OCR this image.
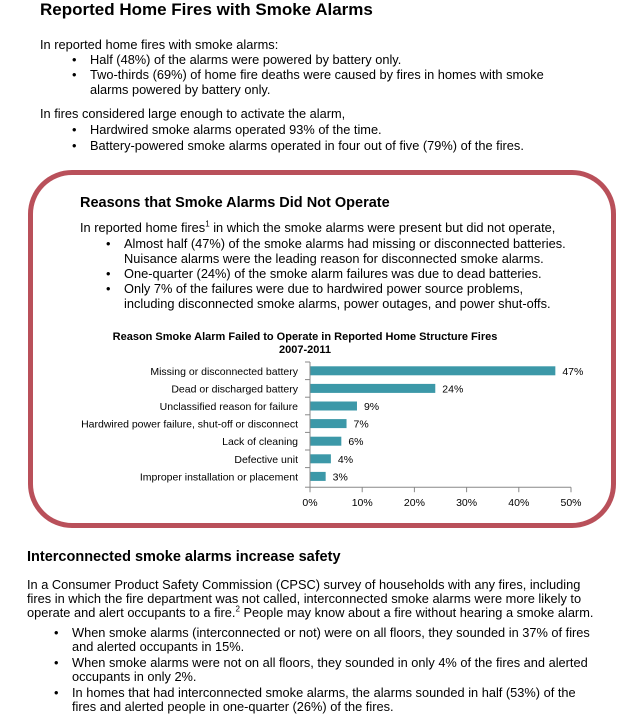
Reported Home Fires with Smoke Alarms
In reported home fires with smoke alarms:
• Half (48%) of the alarms were powered by battery only.
• Two-thirds (69%) of home fire deaths were caused by fires in homes with smoke
alarms powered by battery only.
In fires considered large enough to activate the alarm,
• Hardwired smoke alarms operated 93% of the time.
• Battery-powered smoke alarms operated in four out of five (79%) of the fires.
Reasons that Smoke Alarms Did Not Operate
In reported home fires$^1$ in which the smoke alarms were present but did not operate,
• Almost half (47%) of the smoke alarms had missing or disconnected batteries.
Nuisance alarms were the leading reason for disconnected smoke alarms.
• One-quarter (24%) of the smoke alarm failures was due to dead batteries.
• Only 7% of the failures were due to hardwired power source problems,
including disconnected smoke alarms, power outages, and power shut-offs.
Reason Smoke Alarm Failed to Operate in Reported Home Structure Fires
2007-2011
Missing or disconnected battery	47%
Dead or discharged battery	24%
Unclassified reason for failure	9%
Hardwired power failure, shut-off or disconnect	7%
Lack of cleaning	6%
Defective unit	4%
Improper installation or placement	3%
0%	10%	20%	30%	40%	50%
Interconnected smoke alarms increase safety
In a Consumer Product Safety Commission (CPSC) survey of households with any fires, including
fires in which the fire department was not called, interconnected smoke alarms were more likely to
operate and alert occupants to a fire.$^2$ People may know about a fire without hearing a smoke alarm.
• When smoke alarms (interconnected or not) were on all floors, they sounded in 37% of fires
and alerted occupants in 15%.
• When smoke alarms were not on all floors, they sounded in only 4% of the fires and alerted
occupants in only 2%.
• In homes that had interconnected smoke alarms, the alarms sounded in half (53%) of the
fires and alerted people in one-quarter (26%) of the fires.
